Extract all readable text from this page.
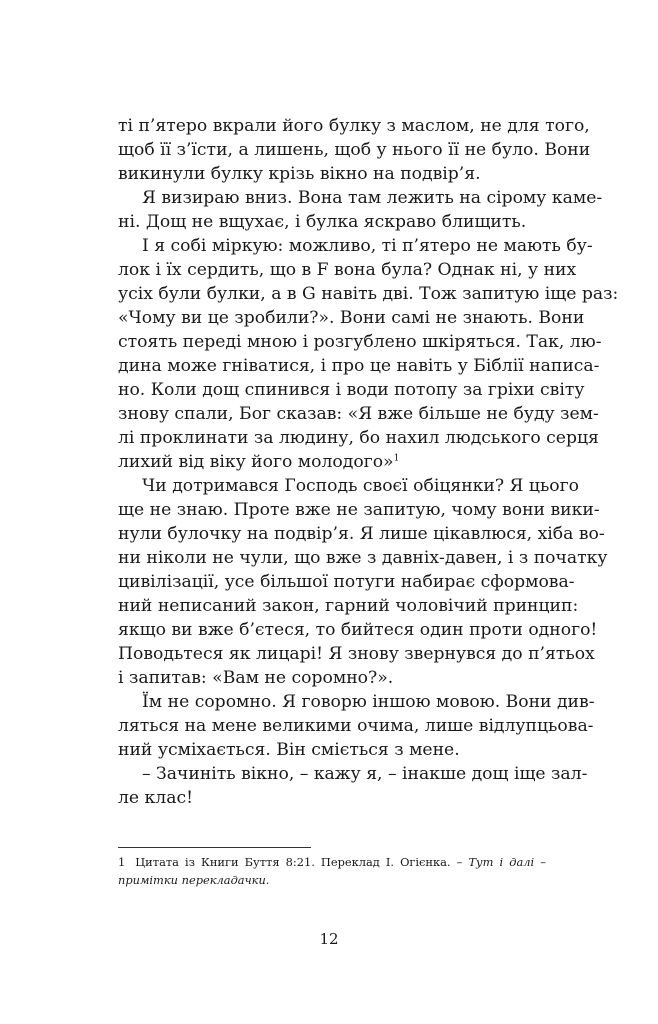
ті п’ятеро вкрали його булку з маслом, не для того,
щоб її з’їсти, а лишень, щоб у нього її не було. Вони
викинули булку крізь вікно на подвір’я.

Я визираю вниз. Вона там лежить на сірому каме-
ні. Дощ не вщухає, і булка яскраво блищить.

І я собі міркую: можливо, ті п’ятеро не мають бу-
лок і їх сердить, що в F вона була? Однак ні, у них
усіх були булки, а в G навіть дві. Тож запитую іще раз:
«Чому ви це зробили?». Вони самі не знають. Вони
стоять переді мною і розгублено шкіряться. Так, лю-
дина може гніватися, і про це навіть у Біблії написа-
но. Коли дощ спинився і води потопу за гріхи світу
знову спали, Бог сказав: «Я вже більше не буду зем-
лі проклинати за людину, бо нахил людського серця
лихий від віку його молодого»$^1$

Чи дотримався Господь своєї обіцянки? Я цього
ще не знаю. Проте вже не запитую, чому вони вики-
нули булочку на подвір’я. Я лише цікавлюся, хіба во-
ни ніколи не чули, що вже з давніх-давен, і з початку
цивілізації, усе більшої потуги набирає сформова-
ний неписаний закон, гарний чоловічий принцип:
якщо ви вже б’єтеся, то бийтеся один проти одного!
Поводьтеся як лицарі! Я знову звернувся до п’ятьох
і запитав: «Вам не соромно?».

Їм не соромно. Я говорю іншою мовою. Вони див-
ляться на мене великими очима, лише відлупцьова-
ний усміхається. Він сміється з мене.

– Зачиніть вікно, – кажу я, – інакше дощ іще зал-
ле клас!

1 Цитата із Книги Буття 8:21. Переклад І. Огієнка. – Тут і далі – примітки перекладачки.
12
